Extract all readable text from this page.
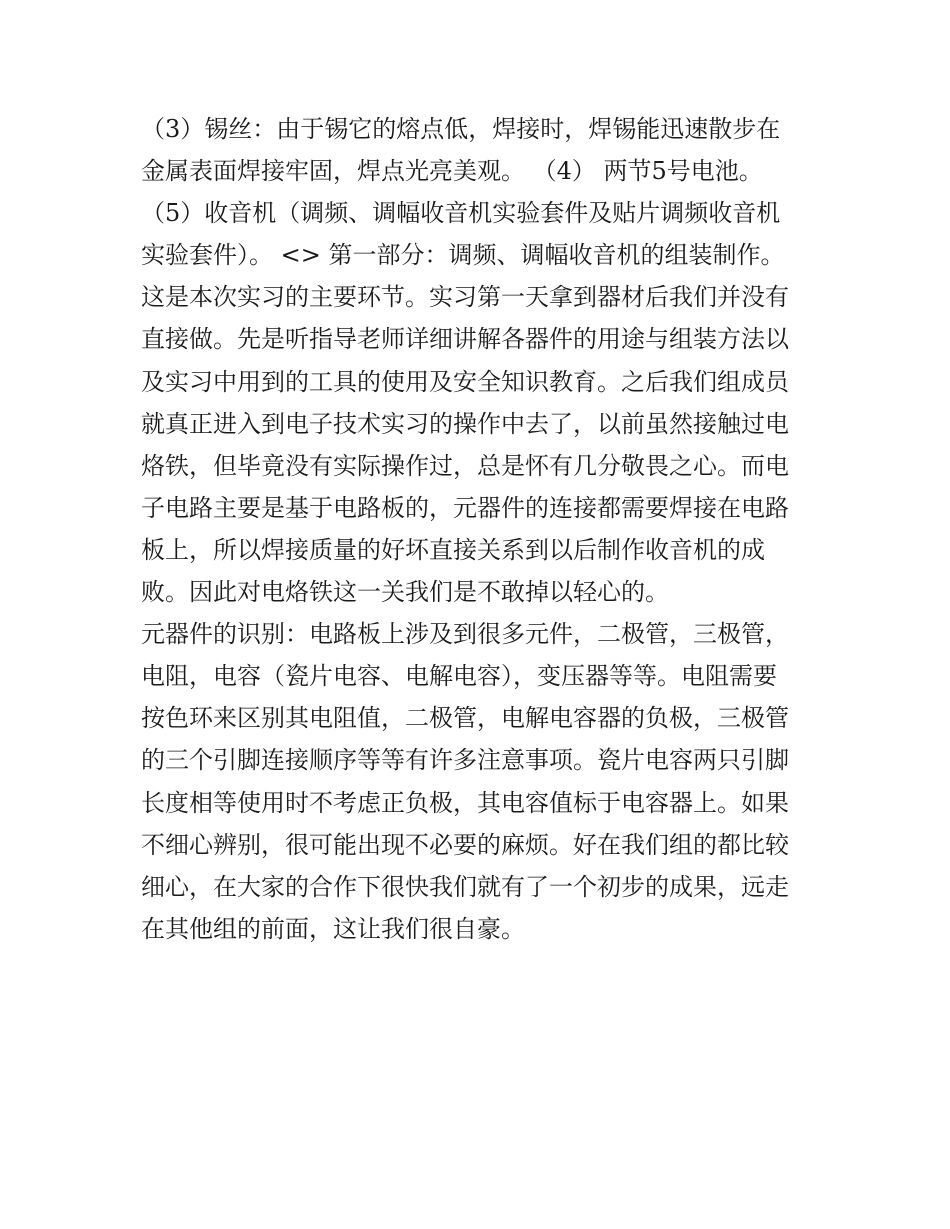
（3）锡丝：由于锡它的熔点低，焊接时，焊锡能迅速散步在
金属表面焊接牢固，焊点光亮美观。 （4） 两节5号电池。
（5）收音机（调频、调幅收音机实验套件及贴片调频收音机
实验套件）。 <> 第一部分：调频、调幅收音机的组装制作。
这是本次实习的主要环节。实习第一天拿到器材后我们并没有
直接做。先是听指导老师详细讲解各器件的用途与组装方法以
及实习中用到的工具的使用及安全知识教育。之后我们组成员
就真正进入到电子技术实习的操作中去了，以前虽然接触过电
烙铁，但毕竟没有实际操作过，总是怀有几分敬畏之心。而电
子电路主要是基于电路板的，元器件的连接都需要焊接在电路
板上，所以焊接质量的好坏直接关系到以后制作收音机的成
败。因此对电烙铁这一关我们是不敢掉以轻心的。
元器件的识别：电路板上涉及到很多元件，二极管，三极管，
电阻，电容（瓷片电容、电解电容），变压器等等。电阻需要
按色环来区别其电阻值，二极管，电解电容器的负极，三极管
的三个引脚连接顺序等等有许多注意事项。瓷片电容两只引脚
长度相等使用时不考虑正负极，其电容值标于电容器上。如果
不细心辨别，很可能出现不必要的麻烦。好在我们组的都比较
细心，在大家的合作下很快我们就有了一个初步的成果，远走
在其他组的前面，这让我们很自豪。
